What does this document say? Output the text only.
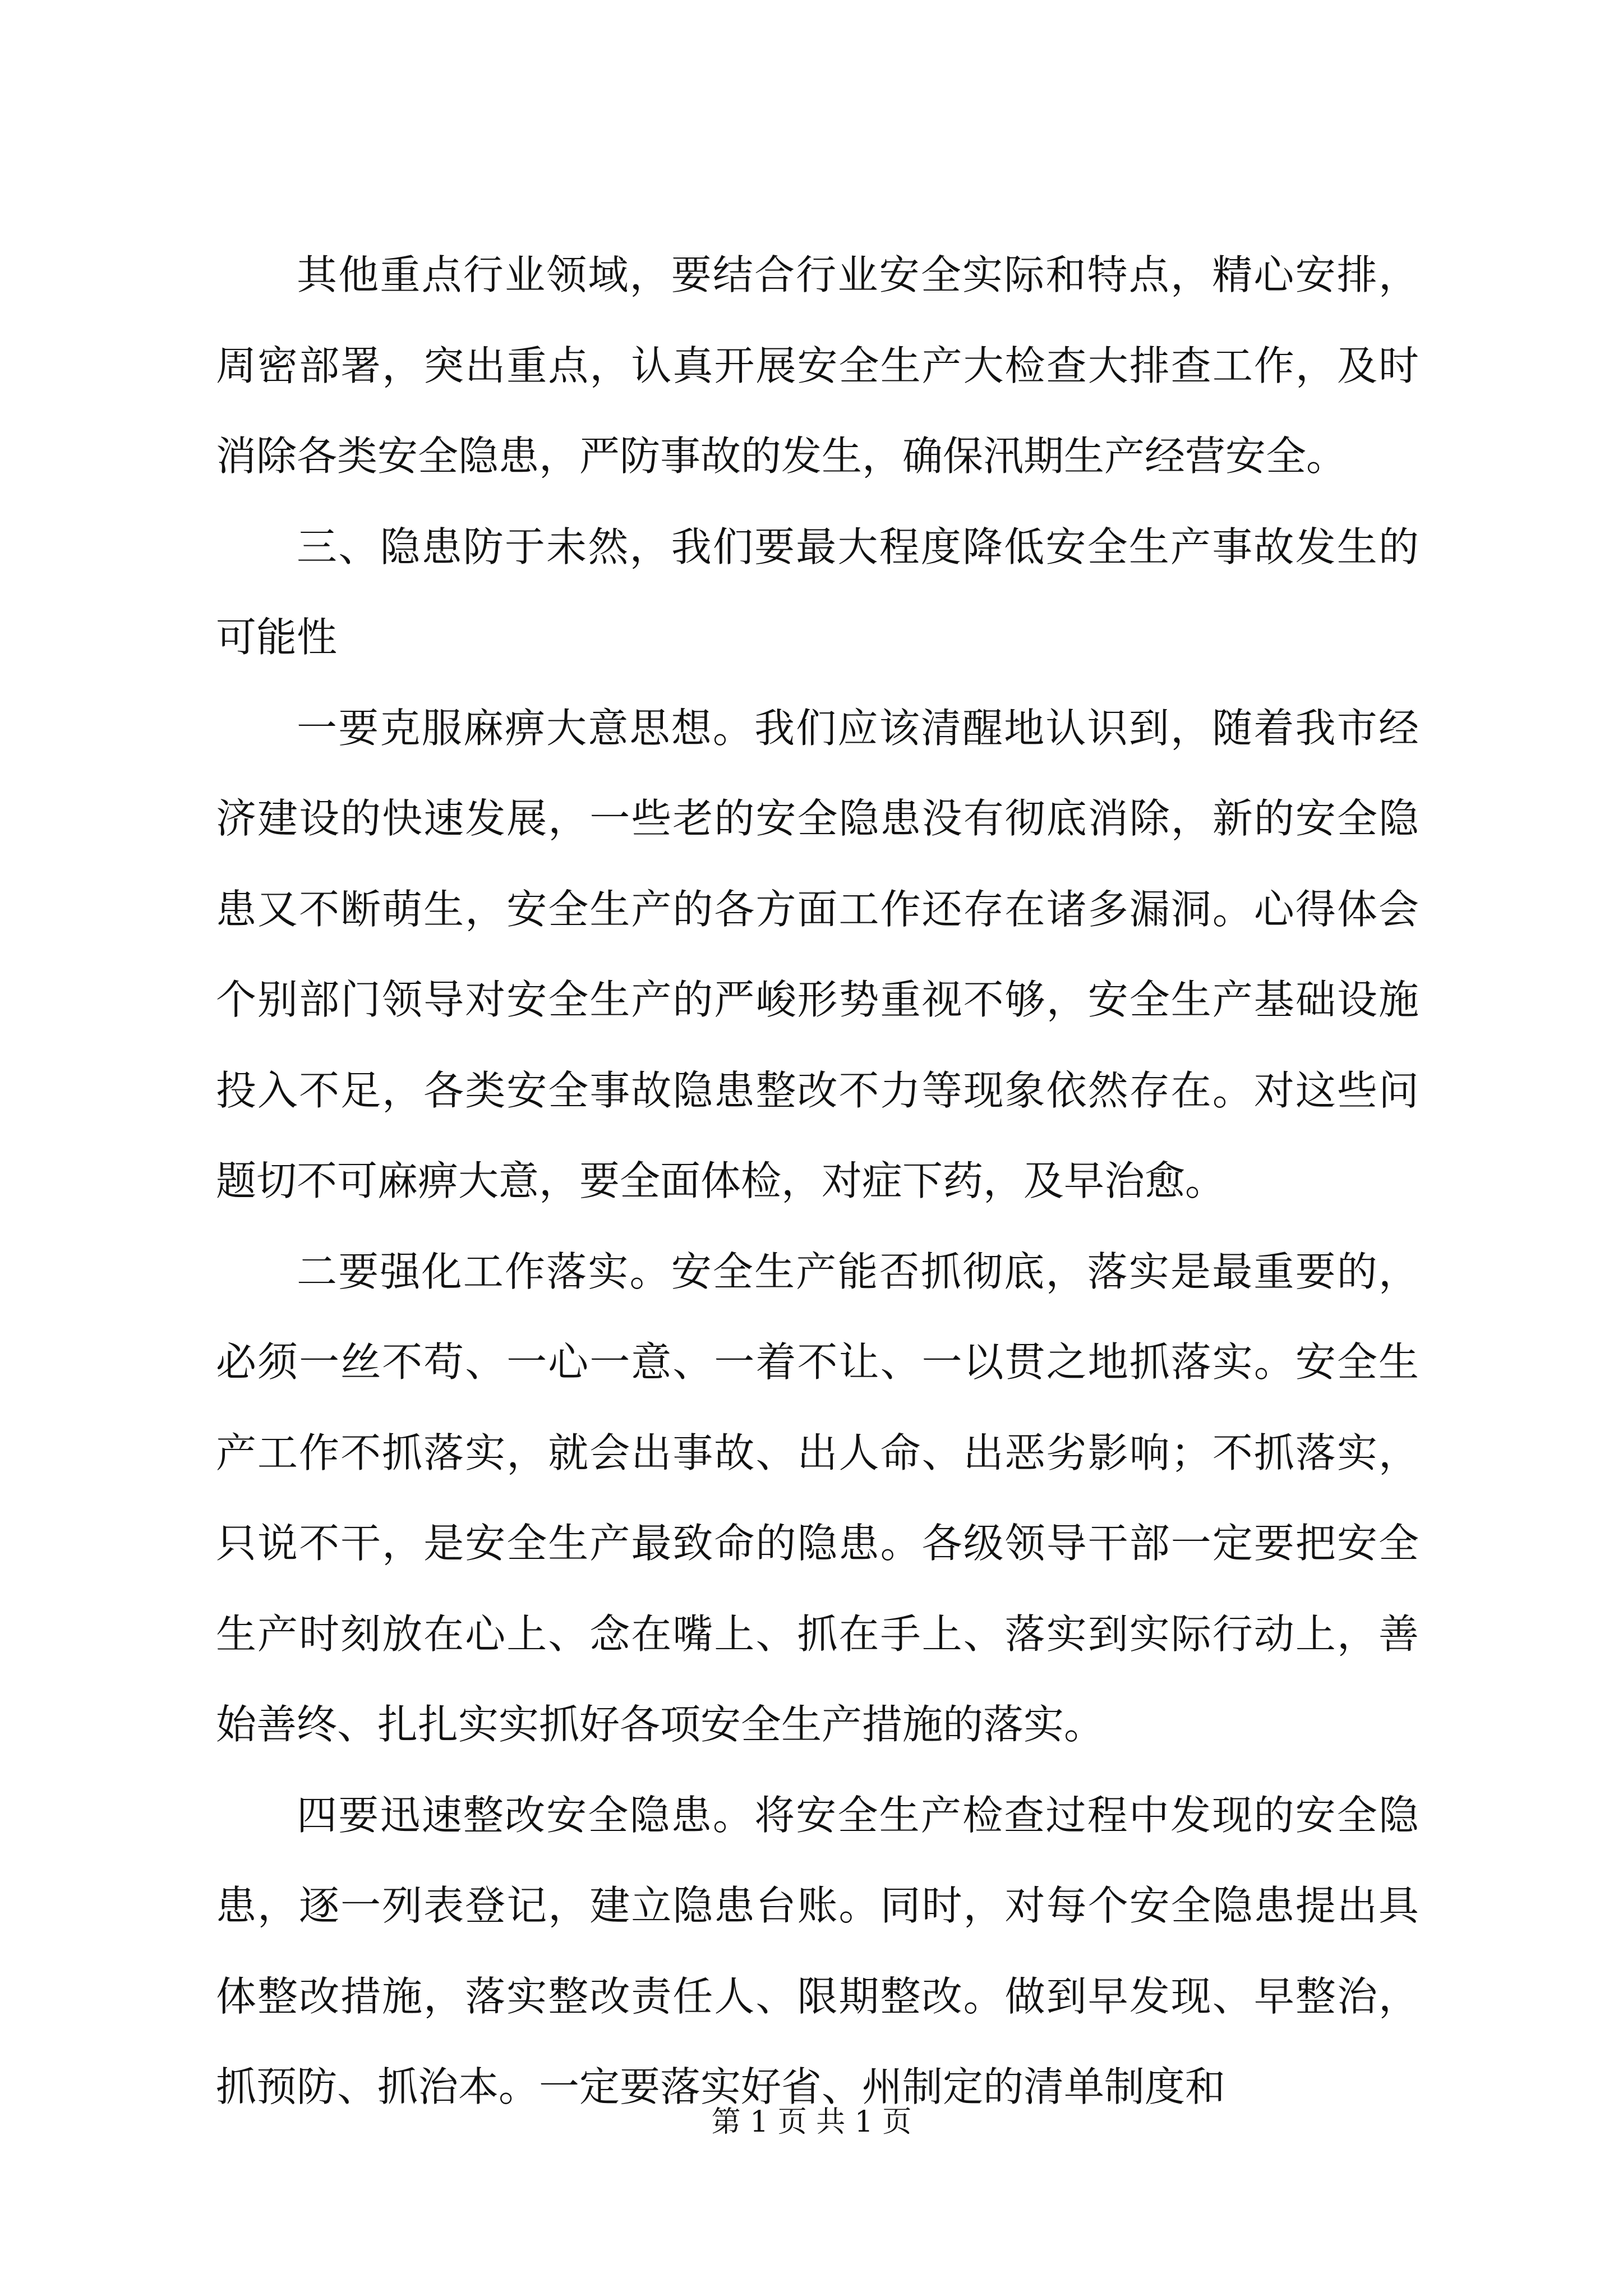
其他重点行业领域，要结合行业安全实际和特点，精心安排，周密部署，突出重点，认真开展安全生产大检查大排查工作，及时消除各类安全隐患，严防事故的发生，确保汛期生产经营安全。

三、隐患防于未然，我们要最大程度降低安全生产事故发生的可能性

一要克服麻痹大意思想。我们应该清醒地认识到，随着我市经济建设的快速发展，一些老的安全隐患没有彻底消除，新的安全隐患又不断萌生，安全生产的各方面工作还存在诸多漏洞。心得体会个别部门领导对安全生产的严峻形势重视不够，安全生产基础设施投入不足，各类安全事故隐患整改不力等现象依然存在。对这些问题切不可麻痹大意，要全面体检，对症下药，及早治愈。

二要强化工作落实。安全生产能否抓彻底，落实是最重要的，必须一丝不苟、一心一意、一着不让、一以贯之地抓落实。安全生产工作不抓落实，就会出事故、出人命、出恶劣影响；不抓落实，只说不干，是安全生产最致命的隐患。各级领导干部一定要把安全生产时刻放在心上、念在嘴上、抓在手上、落实到实际行动上，善始善终、扎扎实实抓好各项安全生产措施的落实。

四要迅速整改安全隐患。将安全生产检查过程中发现的安全隐患，逐一列表登记，建立隐患台账。同时，对每个安全隐患提出具体整改措施，落实整改责任人、限期整改。做到早发现、早整治，抓预防、抓治本。一定要落实好省、州制定的清单制度和

第 1 页 共 1 页
